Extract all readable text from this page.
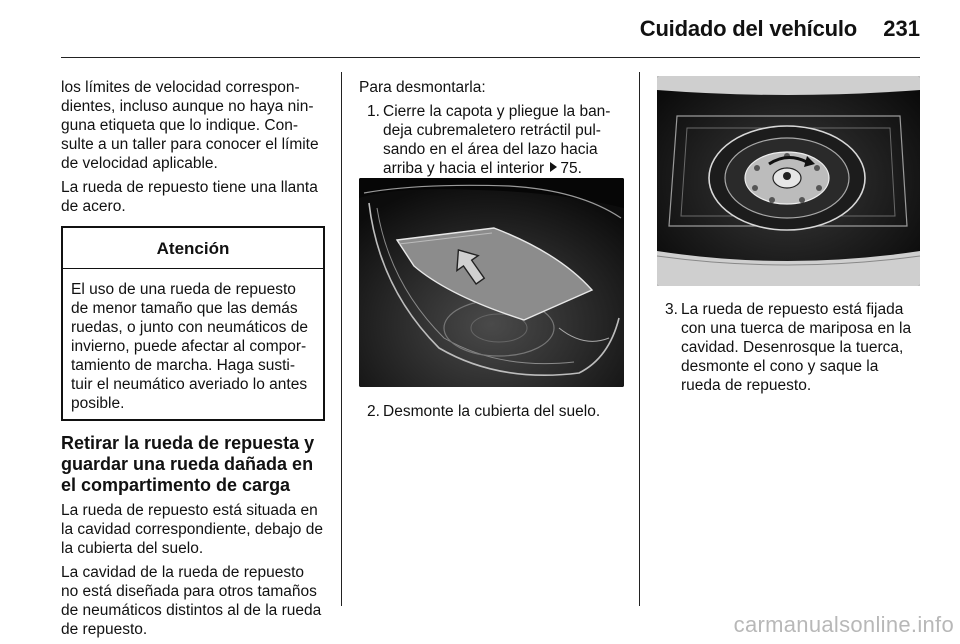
Cuidado del vehículo 231

los límites de velocidad correspon-dientes, incluso aunque no haya nin-guna etiqueta que lo indique. Con-sulte a un taller para conocer el límite de velocidad aplicable.

La rueda de repuesto tiene una llanta de acero.

Atención
El uso de una rueda de repuesto de menor tamaño que las demás ruedas, o junto con neumáticos de invierno, puede afectar al compor-tamiento de marcha. Haga susti-tuir el neumático averiado lo antes posible.

Retirar la rueda de repuesta y guardar una rueda dañada en el compartimento de carga

La rueda de repuesto está situada en la cavidad correspondiente, debajo de la cubierta del suelo.

La cavidad de la rueda de repuesto no está diseñada para otros tamaños de neumáticos distintos al de la rueda de repuesto.

Para desmontarla:

1. Cierre la capota y pliegue la ban-deja cubremaletero retráctil pul-sando en el área del lazo hacia arriba y hacia el interior 75.
2. Desmonte la cubierta del suelo.
3. La rueda de repuesto está fijada con una tuerca de mariposa en la cavidad. Desenrosque la tuerca, desmonte el cono y saque la rueda de repuesto.
carmanualsonline.info
